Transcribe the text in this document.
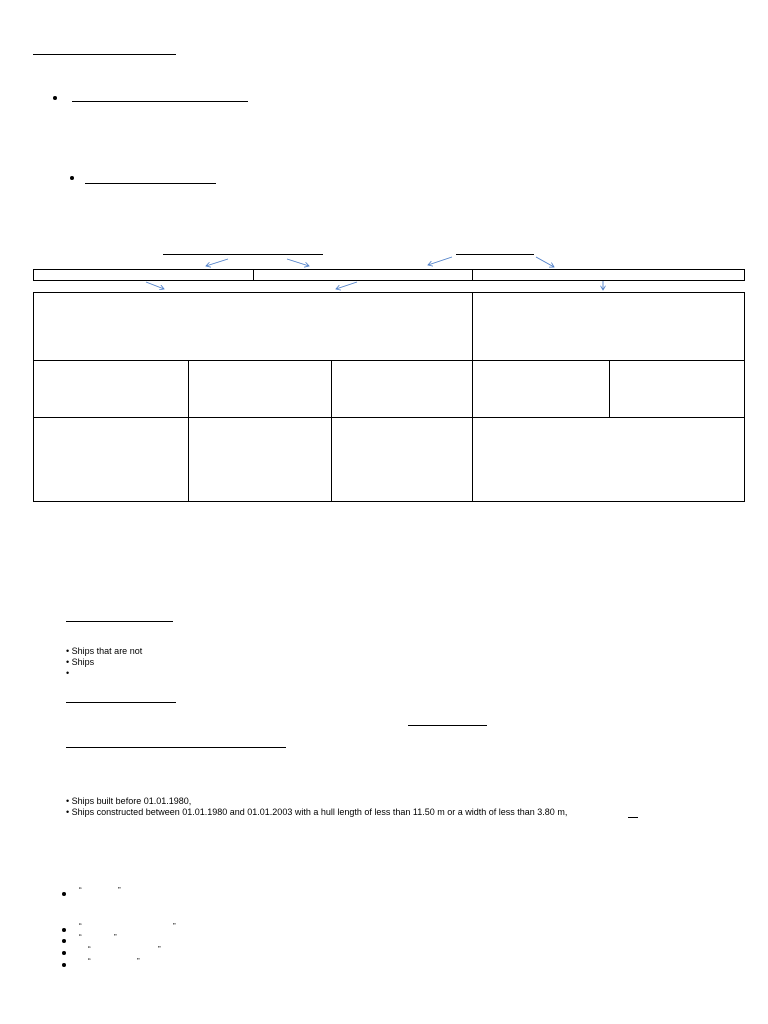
• Ships that are not
• Ships
•
• Ships built before 01.01.1980,
• Ships constructed between 01.01.1980 and 01.01.2003 with a hull length of less than 11.50 m or a width of less than 3.80 m,
“	”
“	”
“	”
“	”
“	”
